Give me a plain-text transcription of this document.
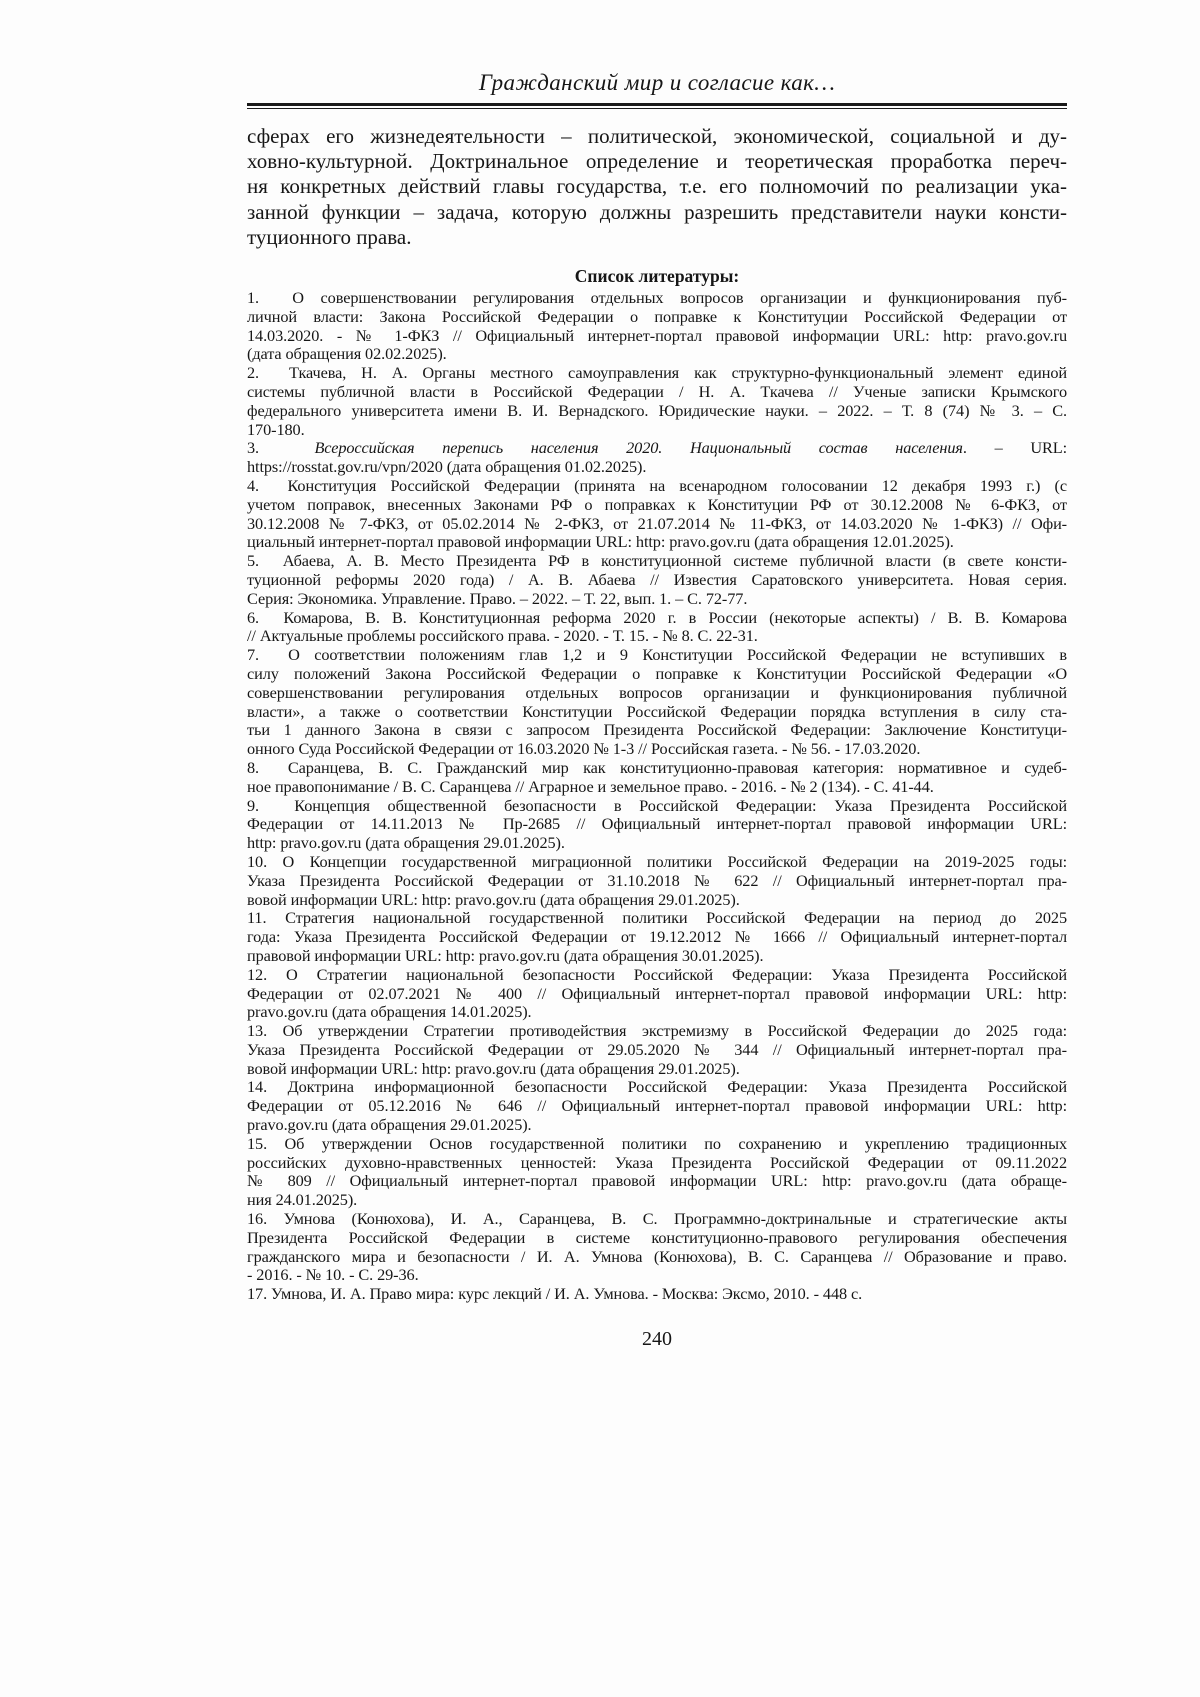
Гражданский мир и согласие как…
сферах его жизнедеятельности – политической, экономической, социальной и ду-
ховно-культурной. Доктринальное определение и теоретическая проработка переч-
ня конкретных действий главы государства, т.е. его полномочий по реализации ука-
занной функции – задача, которую должны разрешить представители науки консти-
туционного права.
Список литературы:
1.  О совершенствовании регулирования отдельных вопросов организации и функционирования пуб-
личной власти: Закона Российской Федерации о поправке к Конституции Российской Федерации от
14.03.2020. - № 1-ФКЗ // Официальный интернет-портал правовой информации URL: http: pravo.gov.ru
(дата обращения 02.02.2025).
2.  Ткачева, Н. А. Органы местного самоуправления как структурно-функциональный элемент единой
системы публичной власти в Российской Федерации / Н. А. Ткачева // Ученые записки Крымского
федерального университета имени В. И. Вернадского. Юридические науки. – 2022. – Т. 8 (74) № 3. – С.
170-180.
3.  Всероссийская перепись населения 2020. Национальный состав населения. – URL:
https://rosstat.gov.ru/vpn/2020 (дата обращения 01.02.2025).
4.  Конституция Российской Федерации (принята на всенародном голосовании 12 декабря 1993 г.) (с
учетом поправок, внесенных Законами РФ о поправках к Конституции РФ от 30.12.2008 № 6-ФКЗ, от
30.12.2008 № 7-ФКЗ, от 05.02.2014 № 2-ФКЗ, от 21.07.2014 № 11-ФКЗ, от 14.03.2020 № 1-ФКЗ) // Офи-
циальный интернет-портал правовой информации URL: http: pravo.gov.ru (дата обращения 12.01.2025).
5.  Абаева, А. В. Место Президента РФ в конституционной системе публичной власти (в свете консти-
туционной реформы 2020 года) / А. В. Абаева // Известия Саратовского университета. Новая серия.
Серия: Экономика. Управление. Право. – 2022. – Т. 22, вып. 1. – С. 72-77.
6.  Комарова, В. В. Конституционная реформа 2020 г. в России (некоторые аспекты) / В. В. Комарова
// Актуальные проблемы российского права. - 2020. - Т. 15. - № 8. С. 22-31.
7.  О соответствии положениям глав 1,2 и 9 Конституции Российской Федерации не вступивших в
силу положений Закона Российской Федерации о поправке к Конституции Российской Федерации «О
совершенствовании регулирования отдельных вопросов организации и функционирования публичной
власти», а также о соответствии Конституции Российской Федерации порядка вступления в силу ста-
тьи 1 данного Закона в связи с запросом Президента Российской Федерации: Заключение Конституци-
онного Суда Российской Федерации от 16.03.2020 № 1-3 // Российская газета. - № 56. - 17.03.2020.
8.  Саранцева, В. С. Гражданский мир как конституционно-правовая категория: нормативное и судеб-
ное правопонимание / В. С. Саранцева // Аграрное и земельное право. - 2016. - № 2 (134). - С. 41-44.
9.  Концепция общественной безопасности в Российской Федерации: Указа Президента Российской
Федерации от 14.11.2013 № Пр-2685 // Официальный интернет-портал правовой информации URL:
http: pravo.gov.ru (дата обращения 29.01.2025).
10. О Концепции государственной миграционной политики Российской Федерации на 2019-2025 годы:
Указа Президента Российской Федерации от 31.10.2018 № 622 // Официальный интернет-портал пра-
вовой информации URL: http: pravo.gov.ru (дата обращения 29.01.2025).
11. Стратегия национальной государственной политики Российской Федерации на период до 2025
года: Указа Президента Российской Федерации от 19.12.2012 № 1666 // Официальный интернет-портал
правовой информации URL: http: pravo.gov.ru (дата обращения 30.01.2025).
12. О Стратегии национальной безопасности Российской Федерации: Указа Президента Российской
Федерации от 02.07.2021 № 400 // Официальный интернет-портал правовой информации URL: http:
pravo.gov.ru (дата обращения 14.01.2025).
13. Об утверждении Стратегии противодействия экстремизму в Российской Федерации до 2025 года:
Указа Президента Российской Федерации от 29.05.2020 № 344 // Официальный интернет-портал пра-
вовой информации URL: http: pravo.gov.ru (дата обращения 29.01.2025).
14. Доктрина информационной безопасности Российской Федерации: Указа Президента Российской
Федерации от 05.12.2016 № 646 // Официальный интернет-портал правовой информации URL: http:
pravo.gov.ru (дата обращения 29.01.2025).
15. Об утверждении Основ государственной политики по сохранению и укреплению традиционных
российских духовно-нравственных ценностей: Указа Президента Российской Федерации от 09.11.2022
№ 809 // Официальный интернет-портал правовой информации URL: http: pravo.gov.ru (дата обраще-
ния 24.01.2025).
16. Умнова (Конюхова), И. А., Саранцева, В. С. Программно-доктринальные и стратегические акты
Президента Российской Федерации в системе конституционно-правового регулирования обеспечения
гражданского мира и безопасности / И. А. Умнова (Конюхова), В. С. Саранцева // Образование и право.
- 2016. - № 10. - С. 29-36.
17. Умнова, И. А. Право мира: курс лекций / И. А. Умнова. - Москва: Эксмо, 2010. - 448 с.
240
